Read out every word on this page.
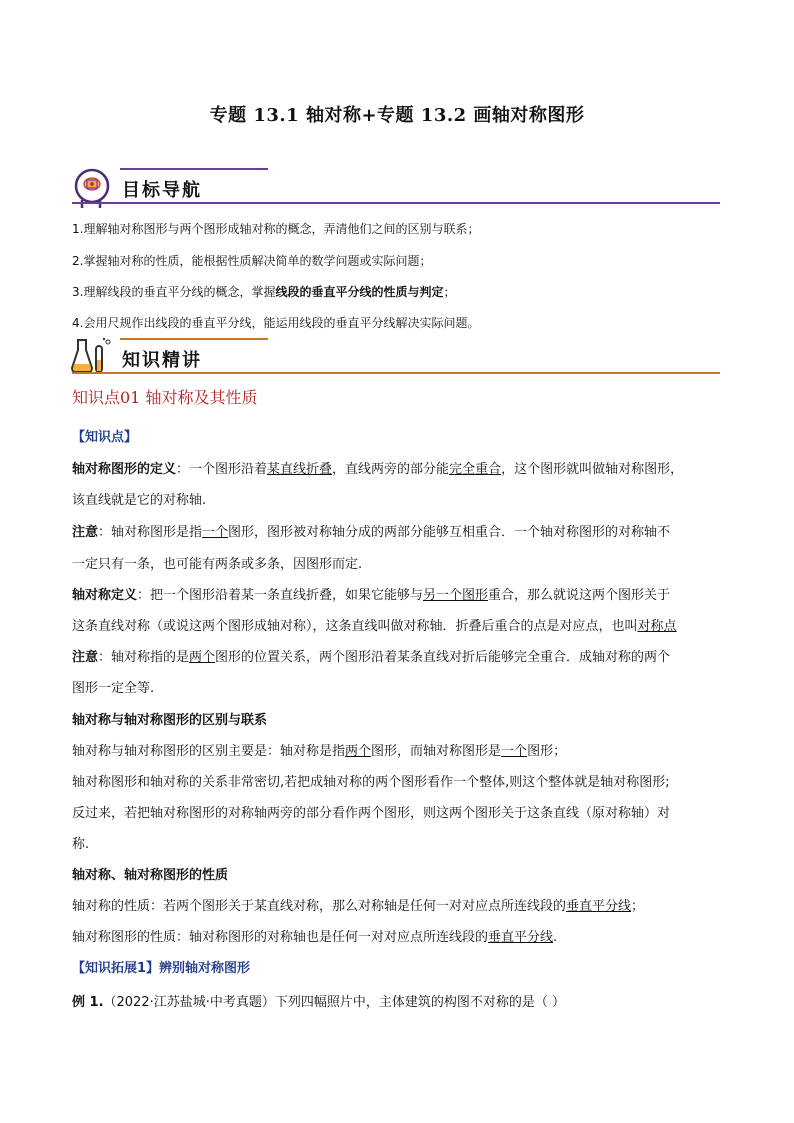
专题 13.1 轴对称+专题 13.2 画轴对称图形
目标导航
1.理解轴对称图形与两个图形成轴对称的概念，弄清他们之间的区别与联系；
2.掌握轴对称的性质，能根据性质解决简单的数学问题或实际问题；
3.理解线段的垂直平分线的概念，掌握线段的垂直平分线的性质与判定；
4.会用尺规作出线段的垂直平分线，能运用线段的垂直平分线解决实际问题。
知识精讲
知识点01 轴对称及其性质
【知识点】
轴对称图形的定义：一个图形沿着某直线折叠，直线两旁的部分能完全重合，这个图形就叫做轴对称图形，
该直线就是它的对称轴.
注意：轴对称图形是指一个图形，图形被对称轴分成的两部分能够互相重合．一个轴对称图形的对称轴不
一定只有一条，也可能有两条或多条，因图形而定.
轴对称定义：把一个图形沿着某一条直线折叠，如果它能够与另一个图形重合，那么就说这两个图形关于
这条直线对称（或说这两个图形成轴对称），这条直线叫做对称轴．折叠后重合的点是对应点，也叫对称点
注意：轴对称指的是两个图形的位置关系，两个图形沿着某条直线对折后能够完全重合．成轴对称的两个
图形一定全等.
轴对称与轴对称图形的区别与联系
轴对称与轴对称图形的区别主要是：轴对称是指两个图形，而轴对称图形是一个图形；
轴对称图形和轴对称的关系非常密切,若把成轴对称的两个图形看作一个整体,则这个整体就是轴对称图形;
反过来，若把轴对称图形的对称轴两旁的部分看作两个图形，则这两个图形关于这条直线（原对称轴）对
称.
轴对称、轴对称图形的性质
轴对称的性质：若两个图形关于某直线对称，那么对称轴是任何一对对应点所连线段的垂直平分线；
轴对称图形的性质：轴对称图形的对称轴也是任何一对对应点所连线段的垂直平分线.
【知识拓展1】辨别轴对称图形
例 1.（2022·江苏盐城·中考真题）下列四幅照片中，主体建筑的构图不对称的是（ ）
